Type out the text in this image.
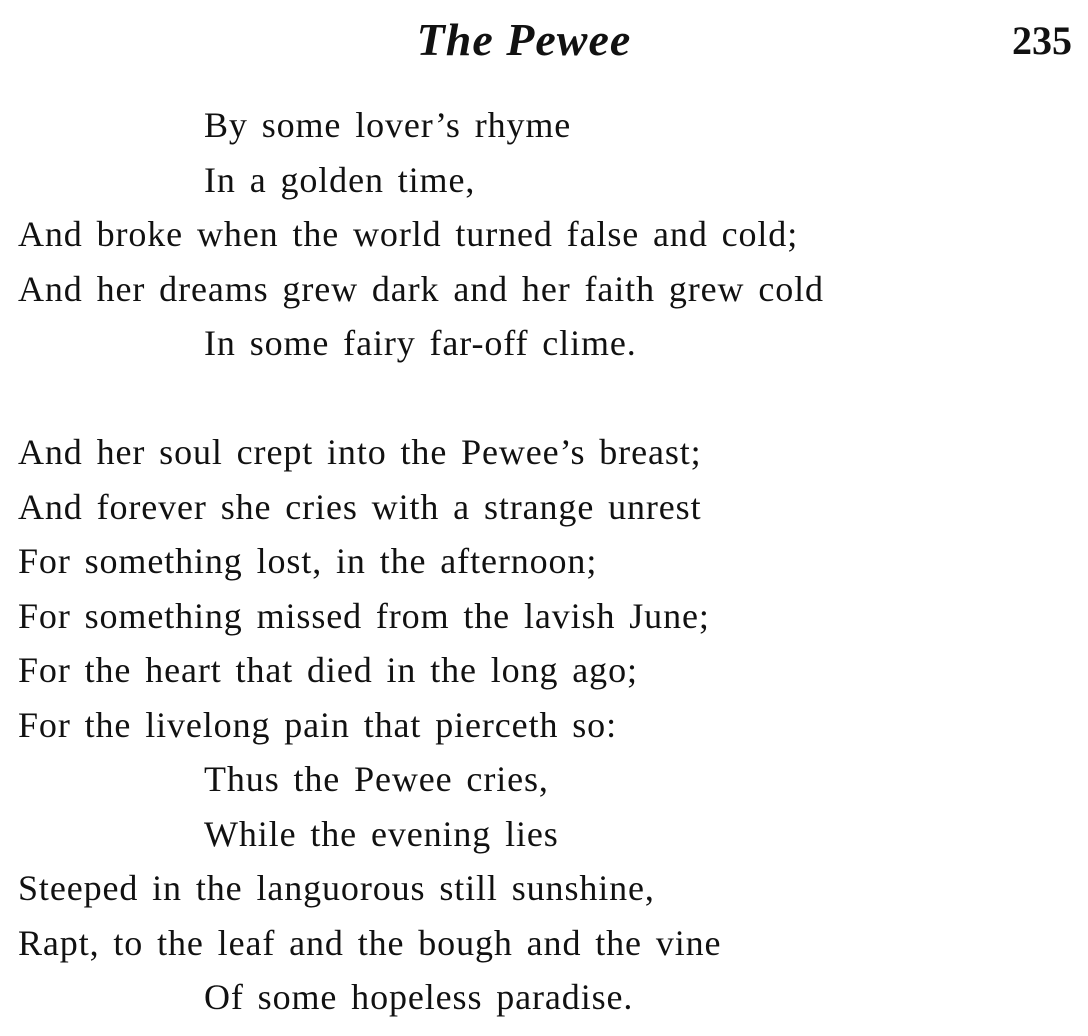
The Pewee	235
By some lover’s rhyme
In a golden time,
And broke when the world turned false and cold;
And her dreams grew dark and her faith grew cold
In some fairy far-off clime.
And her soul crept into the Pewee’s breast;
And forever she cries with a strange unrest
For something lost, in the afternoon;
For something missed from the lavish June;
For the heart that died in the long ago;
For the livelong pain that pierceth so:
Thus the Pewee cries,
While the evening lies
Steeped in the languorous still sunshine,
Rapt, to the leaf and the bough and the vine
Of some hopeless paradise.
